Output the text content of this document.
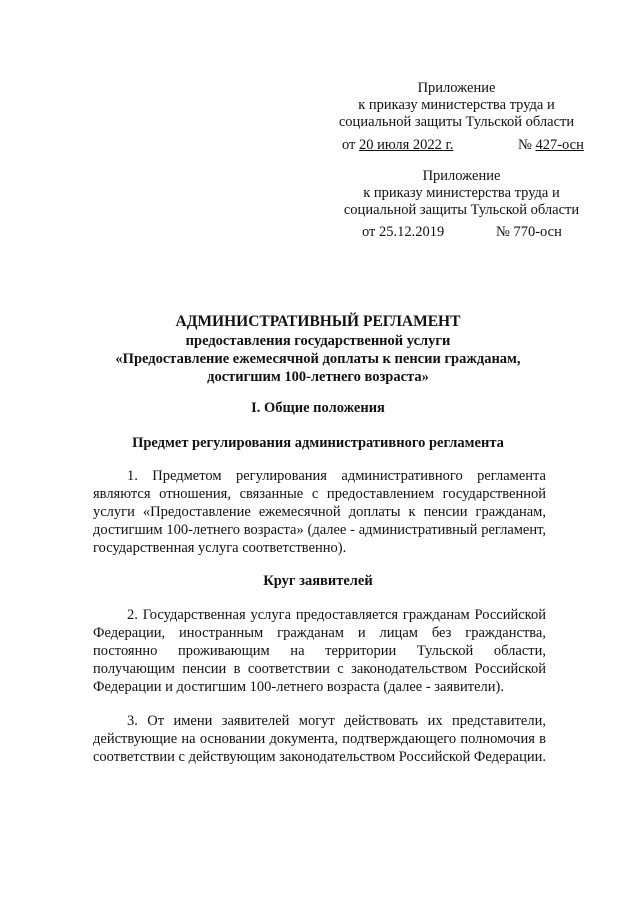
Приложение

к приказу министерства труда и

социальной защиты Тульской области

от 20 июля 2022 г.	№ 427-осн

Приложение

к приказу министерства труда и

социальной защиты Тульской области

от 25.12.2019	№ 770-осн

АДМИНИСТРАТИВНЫЙ РЕГЛАМЕНТ

предоставления государственной услуги

«Предоставление ежемесячной доплаты к пенсии гражданам,

достигшим 100-летнего возраста»

I. Общие положения

Предмет регулирования административного регламента

1. Предметом регулирования административного регламента являются отношения, связанные с предоставлением государственной услуги «Предоставление ежемесячной доплаты к пенсии гражданам, достигшим 100-летнего возраста» (далее - административный регламент, государственная услуга соответственно).

Круг заявителей

2. Государственная услуга предоставляется гражданам Российской Федерации, иностранным гражданам и лицам без гражданства, постоянно проживающим на территории Тульской области, получающим пенсии в соответствии с законодательством Российской Федерации и достигшим 100-летнего возраста (далее - заявители).

3. От имени заявителей могут действовать их представители, действующие на основании документа, подтверждающего полномочия в соответствии с действующим законодательством Российской Федерации.
